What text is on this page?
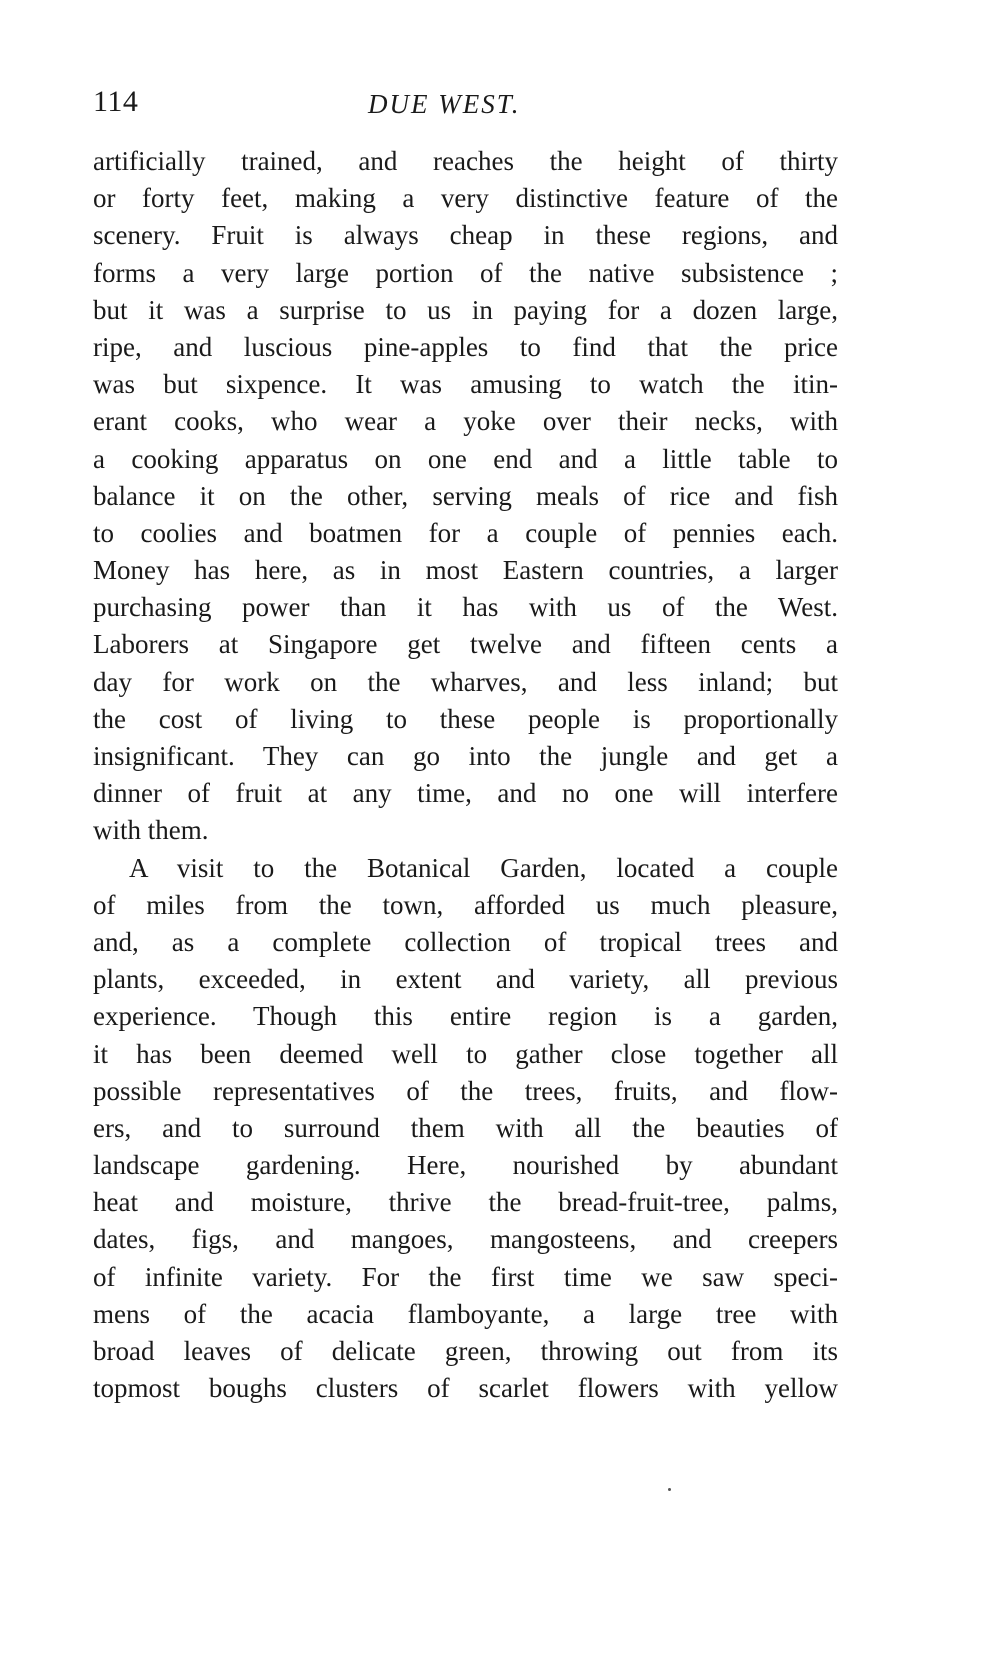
114	DUE WEST.
artificially trained, and reaches the height of thirty
or forty feet, making a very distinctive feature of the
scenery. Fruit is always cheap in these regions, and
forms a very large portion of the native subsistence ;
but it was a surprise to us in paying for a dozen large,
ripe, and luscious pine-apples to find that the price
was but sixpence. It was amusing to watch the itin-
erant cooks, who wear a yoke over their necks, with
a cooking apparatus on one end and a little table to
balance it on the other, serving meals of rice and fish
to coolies and boatmen for a couple of pennies each.
Money has here, as in most Eastern countries, a larger
purchasing power than it has with us of the West.
Laborers at Singapore get twelve and fifteen cents a
day for work on the wharves, and less inland; but
the cost of living to these people is proportionally
insignificant. They can go into the jungle and get a
dinner of fruit at any time, and no one will interfere
with them.
A visit to the Botanical Garden, located a couple
of miles from the town, afforded us much pleasure,
and, as a complete collection of tropical trees and
plants, exceeded, in extent and variety, all previous
experience. Though this entire region is a garden,
it has been deemed well to gather close together all
possible representatives of the trees, fruits, and flow-
ers, and to surround them with all the beauties of
landscape gardening. Here, nourished by abundant
heat and moisture, thrive the bread-fruit-tree, palms,
dates, figs, and mangoes, mangosteens, and creepers
of infinite variety. For the first time we saw speci-
mens of the acacia flamboyante, a large tree with
broad leaves of delicate green, throwing out from its
topmost boughs clusters of scarlet flowers with yellow
